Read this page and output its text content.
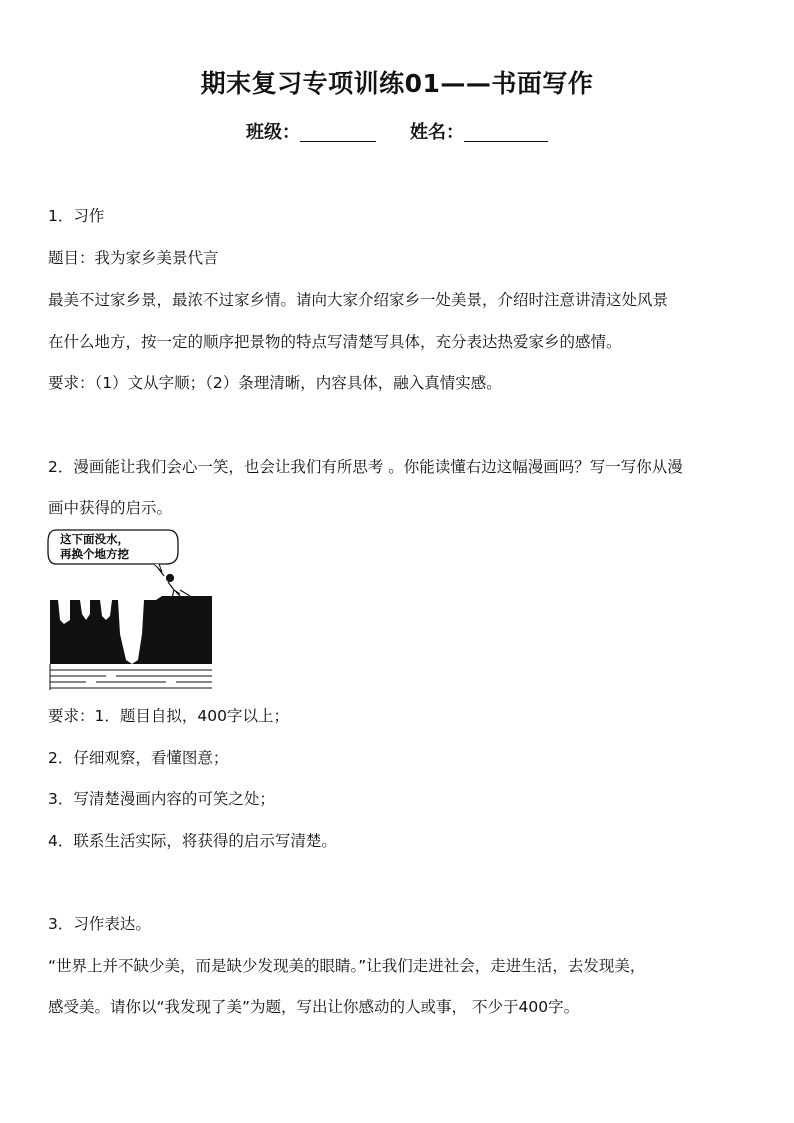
期末复习专项训练01——书面写作
班级：	姓名：
1．习作
题目：我为家乡美景代言
最美不过家乡景，最浓不过家乡情。请向大家介绍家乡一处美景，介绍时注意讲清这处风景
在什么地方，按一定的顺序把景物的特点写清楚写具体，充分表达热爱家乡的感情。
要求：（1）文从字顺；（2）条理清晰，内容具体，融入真情实感。
2．漫画能让我们会心一笑，也会让我们有所思考 。你能读懂右边这幅漫画吗？写一写你从漫
画中获得的启示。
这下面没水，
再换个地方挖
要求：1．题目自拟，400字以上；
2．仔细观察，看懂图意；
3．写清楚漫画内容的可笑之处；
4．联系生活实际，将获得的启示写清楚。
3．习作表达。
“世界上并不缺少美，而是缺少发现美的眼睛。”让我们走进社会，走进生活，去发现美，
感受美。请你以“我发现了美”为题，写出让你感动的人或事， 不少于400字。
